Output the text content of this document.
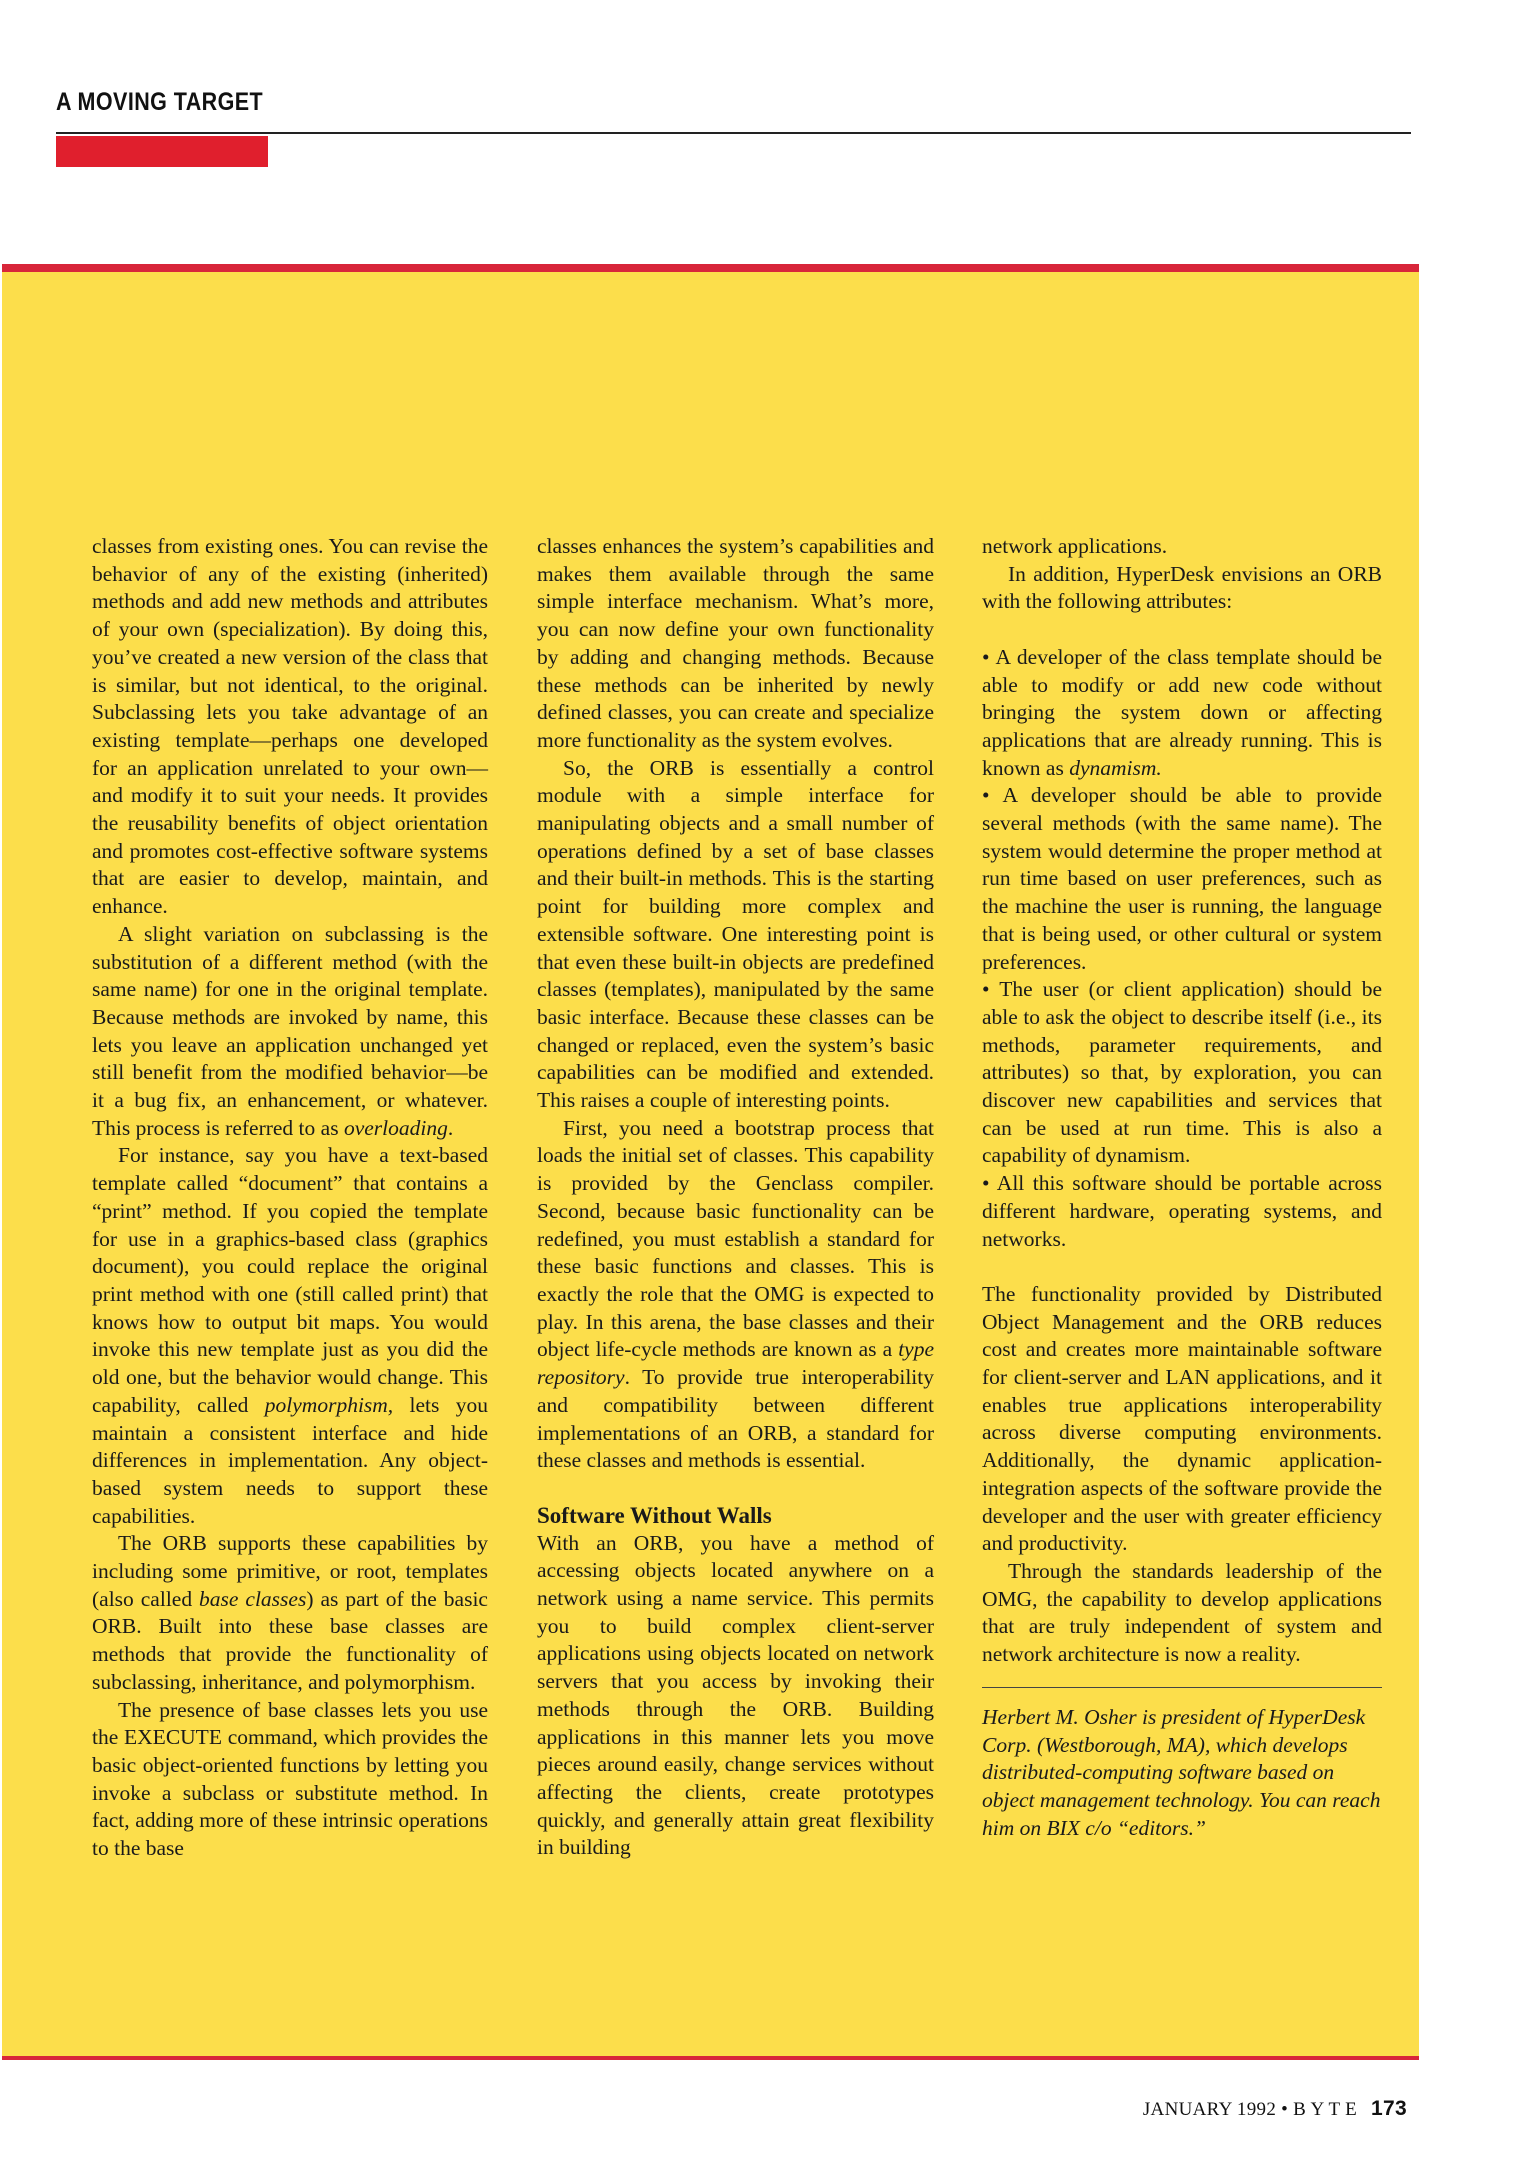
A MOVING TARGET

classes from existing ones. You can revise the behavior of any of the existing (inherited) methods and add new methods and attributes of your own (specialization). By doing this, you’ve created a new version of the class that is similar, but not identical, to the original. Subclassing lets you take advantage of an existing template—perhaps one developed for an application unrelated to your own—and modify it to suit your needs. It provides the reusability benefits of object orientation and promotes cost-effective software systems that are easier to develop, maintain, and enhance.

A slight variation on subclassing is the substitution of a different method (with the same name) for one in the original template. Because methods are invoked by name, this lets you leave an application unchanged yet still benefit from the modified behavior—be it a bug fix, an enhancement, or whatever. This process is referred to as overloading.

For instance, say you have a text-based template called “document” that contains a “print” method. If you copied the template for use in a graphics-based class (graphics document), you could replace the original print method with one (still called print) that knows how to output bit maps. You would invoke this new template just as you did the old one, but the behavior would change. This capability, called polymorphism, lets you maintain a consistent interface and hide differences in implementation. Any object-based system needs to support these capabilities.

The ORB supports these capabilities by including some primitive, or root, templates (also called base classes) as part of the basic ORB. Built into these base classes are methods that provide the functionality of subclassing, inheritance, and polymorphism.

The presence of base classes lets you use the EXECUTE command, which provides the basic object-oriented functions by letting you invoke a subclass or substitute method. In fact, adding more of these intrinsic operations to the base

classes enhances the system’s capabilities and makes them available through the same simple interface mechanism. What’s more, you can now define your own functionality by adding and changing methods. Because these methods can be inherited by newly defined classes, you can create and specialize more functionality as the system evolves.

So, the ORB is essentially a control module with a simple interface for manipulating objects and a small number of operations defined by a set of base classes and their built-in methods. This is the starting point for building more complex and extensible software. One interesting point is that even these built-in objects are predefined classes (templates), manipulated by the same basic interface. Because these classes can be changed or replaced, even the system’s basic capabilities can be modified and extended. This raises a couple of interesting points.

First, you need a bootstrap process that loads the initial set of classes. This capability is provided by the Genclass compiler. Second, because basic functionality can be redefined, you must establish a standard for these basic functions and classes. This is exactly the role that the OMG is expected to play. In this arena, the base classes and their object life-cycle methods are known as a type repository. To provide true interoperability and compatibility between different implementations of an ORB, a standard for these classes and methods is essential.

Software Without Walls

With an ORB, you have a method of accessing objects located anywhere on a network using a name service. This permits you to build complex client-server applications using objects located on network servers that you access by invoking their methods through the ORB. Building applications in this manner lets you move pieces around easily, change services without affecting the clients, create prototypes quickly, and generally attain great flexibility in building

network applications.

In addition, HyperDesk envisions an ORB with the following attributes:

• A developer of the class template should be able to modify or add new code without bringing the system down or affecting applications that are already running. This is known as dynamism.

• A developer should be able to provide several methods (with the same name). The system would determine the proper method at run time based on user preferences, such as the machine the user is running, the language that is being used, or other cultural or system preferences.

• The user (or client application) should be able to ask the object to describe itself (i.e., its methods, parameter requirements, and attributes) so that, by exploration, you can discover new capabilities and services that can be used at run time. This is also a capability of dynamism.

• All this software should be portable across different hardware, operating systems, and networks.

The functionality provided by Distributed Object Management and the ORB reduces cost and creates more maintainable software for client-server and LAN applications, and it enables true applications interoperability across diverse computing environments. Additionally, the dynamic application-integration aspects of the software provide the developer and the user with greater efficiency and productivity.

Through the standards leadership of the OMG, the capability to develop applications that are truly independent of system and network architecture is now a reality.

Herbert M. Osher is president of HyperDesk Corp. (Westborough, MA), which develops distributed-computing software based on object management technology. You can reach him on BIX c/o “editors.”

JANUARY 1992 • B Y T E 173
